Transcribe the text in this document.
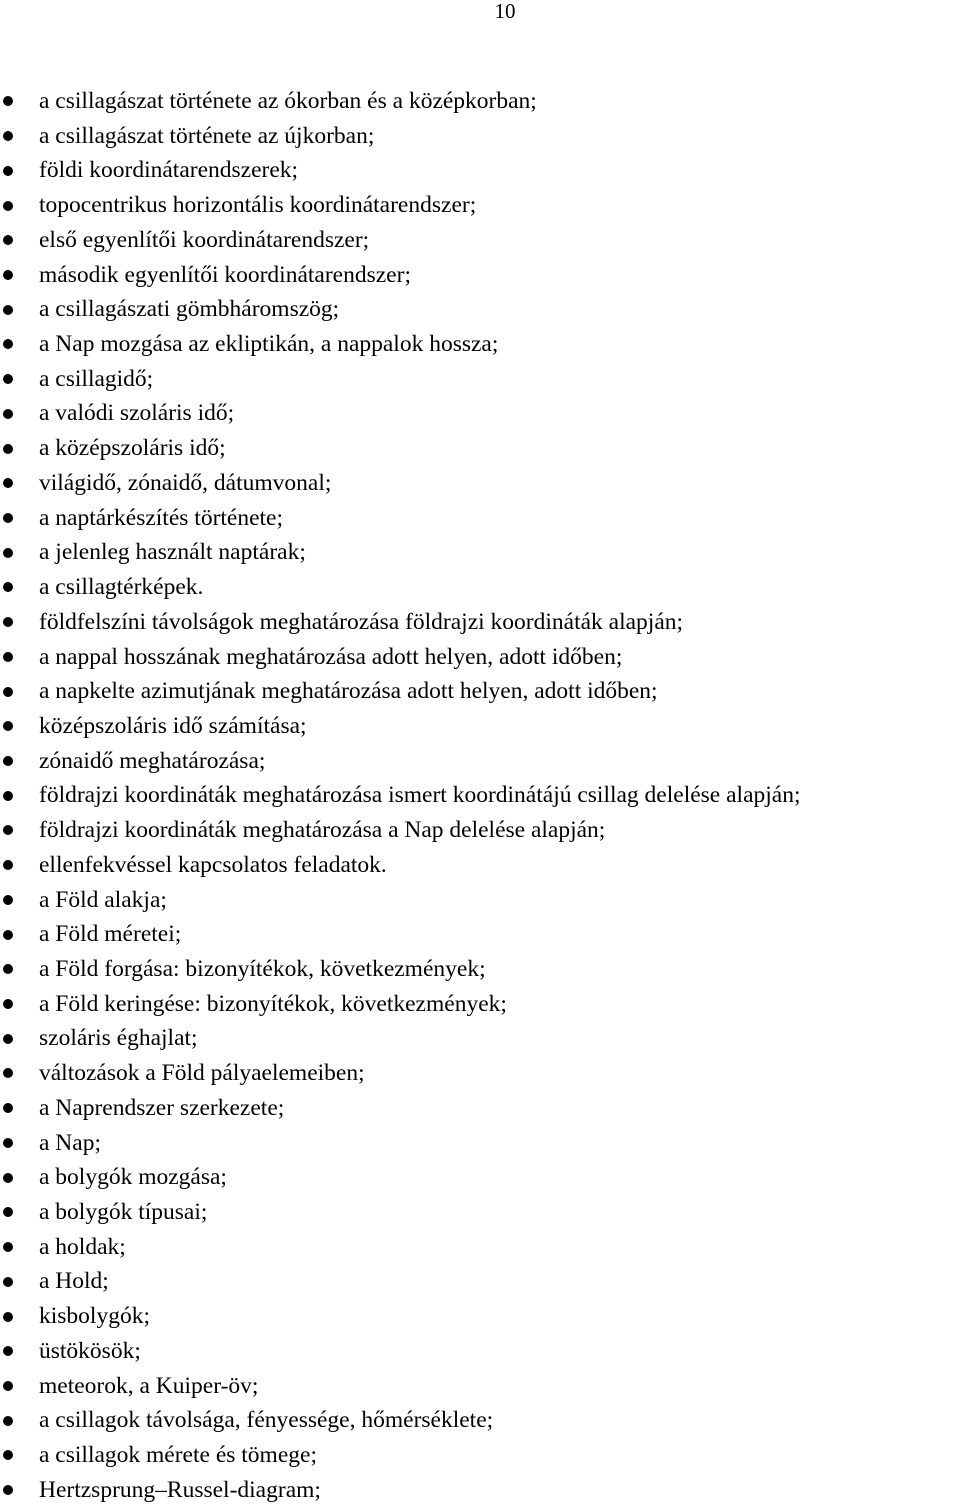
10
a csillagászat története az ókorban és a középkorban;
a csillagászat története az újkorban;
földi koordinátarendszerek;
topocentrikus horizontális koordinátarendszer;
első egyenlítői koordinátarendszer;
második egyenlítői koordinátarendszer;
a csillagászati gömbháromszög;
a Nap mozgása az ekliptikán, a nappalok hossza;
a csillagidő;
a valódi szoláris idő;
a középszoláris idő;
világidő, zónaidő, dátumvonal;
a naptárkészítés története;
a jelenleg használt naptárak;
a csillagtérképek.
földfelszíni távolságok meghatározása földrajzi koordináták alapján;
a nappal hosszának meghatározása adott helyen, adott időben;
a napkelte azimutjának meghatározása adott helyen, adott időben;
középszoláris idő számítása;
zónaidő meghatározása;
földrajzi koordináták meghatározása ismert koordinátájú csillag delelése alapján;
földrajzi koordináták meghatározása a Nap delelése alapján;
ellenfekvéssel kapcsolatos feladatok.
a Föld alakja;
a Föld méretei;
a Föld forgása: bizonyítékok, következmények;
a Föld keringése: bizonyítékok, következmények;
szoláris éghajlat;
változások a Föld pályaelemeiben;
a Naprendszer szerkezete;
a Nap;
a bolygók mozgása;
a bolygók típusai;
a holdak;
a Hold;
kisbolygók;
üstökösök;
meteorok, a Kuiper-öv;
a csillagok távolsága, fényessége, hőmérséklete;
a csillagok mérete és tömege;
Hertzsprung–Russel-diagram;
